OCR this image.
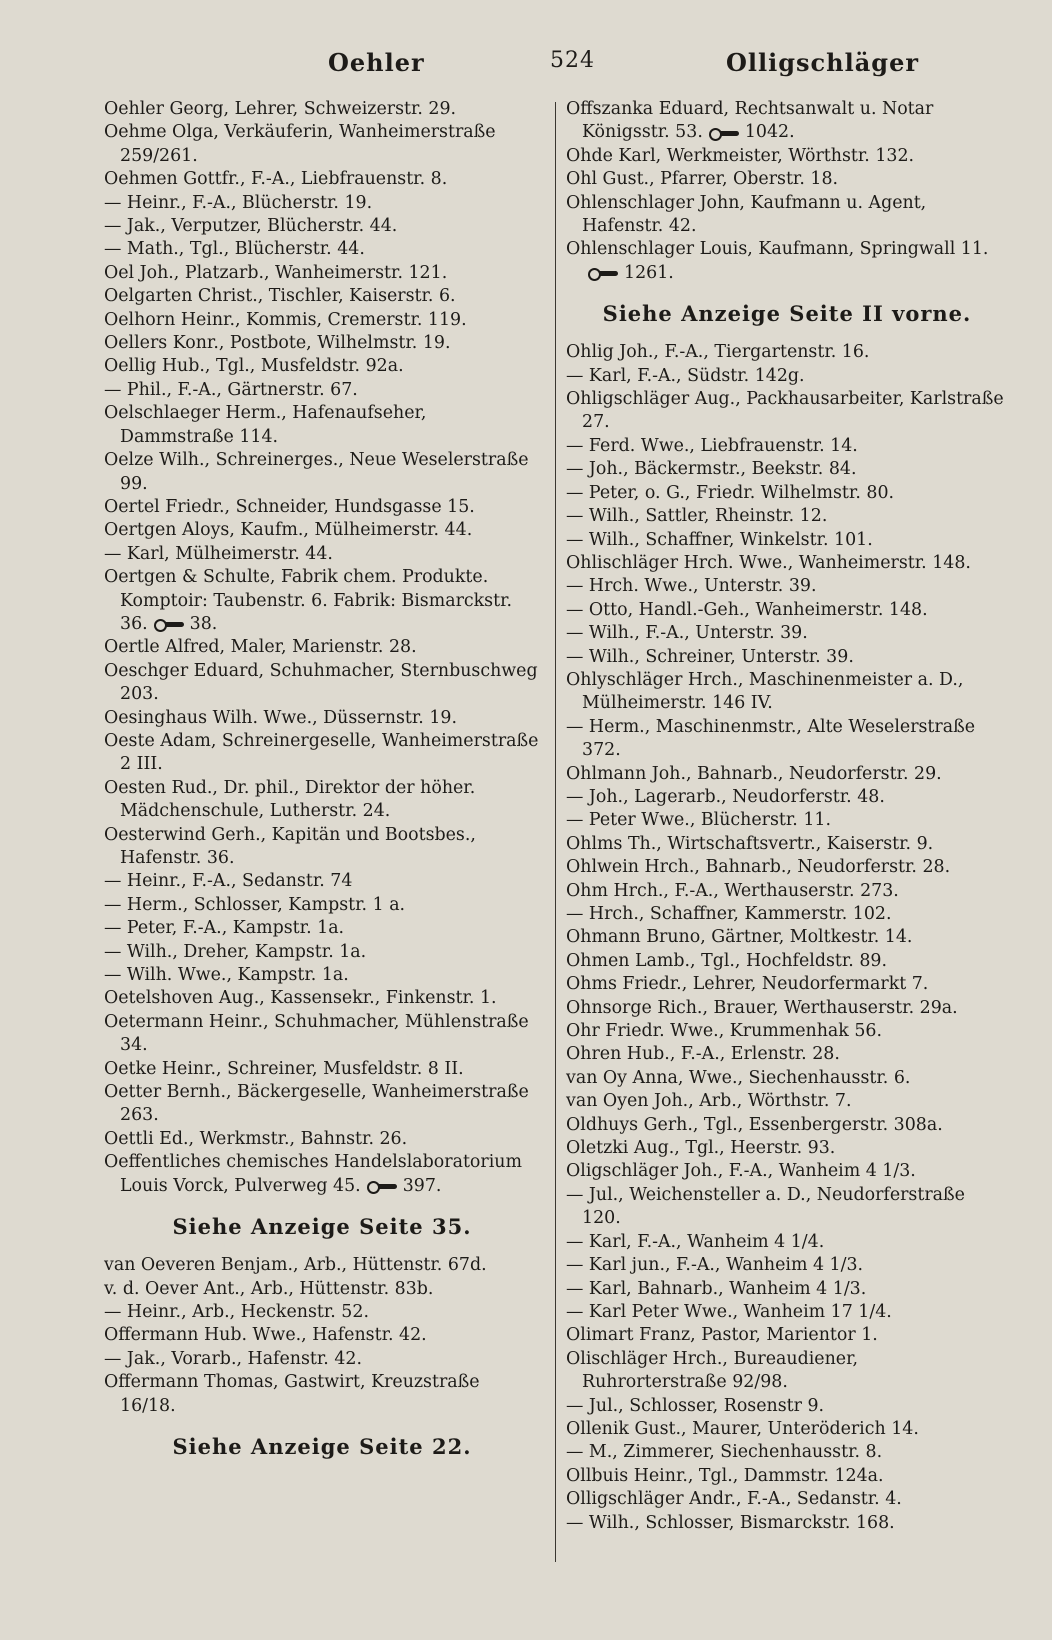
Oehler	524	Olligschläger
Oehler Georg, Lehrer, Schweizerstr. 29.
Oehme Olga, Verkäuferin, Wanheimerstraße 259/261.
Oehmen Gottfr., F.-A., Liebfrauenstr. 8.
— Heinr., F.-A., Blücherstr. 19.
— Jak., Verputzer, Blücherstr. 44.
— Math., Tgl., Blücherstr. 44.
Oel Joh., Platzarb., Wanheimerstr. 121.
Oelgarten Christ., Tischler, Kaiserstr. 6.
Oelhorn Heinr., Kommis, Cremerstr. 119.
Oellers Konr., Postbote, Wilhelmstr. 19.
Oellig Hub., Tgl., Musfeldstr. 92a.
— Phil., F.-A., Gärtnerstr. 67.
Oelschlaeger Herm., Hafenaufseher, Dammstraße 114.
Oelze Wilh., Schreinerges., Neue Weselerstraße 99.
Oertel Friedr., Schneider, Hundsgasse 15.
Oertgen Aloys, Kaufm., Mülheimerstr. 44.
— Karl, Mülheimerstr. 44.
Oertgen & Schulte, Fabrik chem. Produkte. Komptoir: Taubenstr. 6. Fabrik: Bismarckstr. 36. 38.
Oertle Alfred, Maler, Marienstr. 28.
Oeschger Eduard, Schuhmacher, Sternbuschweg 203.
Oesinghaus Wilh. Wwe., Düssernstr. 19.
Oeste Adam, Schreinergeselle, Wanheimerstraße 2 III.
Oesten Rud., Dr. phil., Direktor der höher. Mädchenschule, Lutherstr. 24.
Oesterwind Gerh., Kapitän und Bootsbes., Hafenstr. 36.
— Heinr., F.-A., Sedanstr. 74
— Herm., Schlosser, Kampstr. 1 a.
— Peter, F.-A., Kampstr. 1a.
— Wilh., Dreher, Kampstr. 1a.
— Wilh. Wwe., Kampstr. 1a.
Oetelshoven Aug., Kassensekr., Finkenstr. 1.
Oetermann Heinr., Schuhmacher, Mühlenstraße 34.
Oetke Heinr., Schreiner, Musfeldstr. 8 II.
Oetter Bernh., Bäckergeselle, Wanheimerstraße 263.
Oettli Ed., Werkmstr., Bahnstr. 26.
Oeffentliches chemisches Handelslaboratorium Louis Vorck, Pulverweg 45. 397.
Siehe Anzeige Seite 35.
van Oeveren Benjam., Arb., Hüttenstr. 67d.
v. d. Oever Ant., Arb., Hüttenstr. 83b.
— Heinr., Arb., Heckenstr. 52.
Offermann Hub. Wwe., Hafenstr. 42.
— Jak., Vorarb., Hafenstr. 42.
Offermann Thomas, Gastwirt, Kreuzstraße 16/18.
Siehe Anzeige Seite 22.
Offszanka Eduard, Rechtsanwalt u. Notar Königsstr. 53. 1042.
Ohde Karl, Werkmeister, Wörthstr. 132.
Ohl Gust., Pfarrer, Oberstr. 18.
Ohlenschlager John, Kaufmann u. Agent, Hafenstr. 42.
Ohlenschlager Louis, Kaufmann, Springwall 11.1261.
Siehe Anzeige Seite II vorne.
Ohlig Joh., F.-A., Tiergartenstr. 16.
— Karl, F.-A., Südstr. 142g.
Ohligschläger Aug., Packhausarbeiter, Karlstraße 27.
— Ferd. Wwe., Liebfrauenstr. 14.
— Joh., Bäckermstr., Beekstr. 84.
— Peter, o. G., Friedr. Wilhelmstr. 80.
— Wilh., Sattler, Rheinstr. 12.
— Wilh., Schaffner, Winkelstr. 101.
Ohlischläger Hrch. Wwe., Wanheimerstr. 148.
— Hrch. Wwe., Unterstr. 39.
— Otto, Handl.-Geh., Wanheimerstr. 148.
— Wilh., F.-A., Unterstr. 39.
— Wilh., Schreiner, Unterstr. 39.
Ohlyschläger Hrch., Maschinenmeister a. D., Mülheimerstr. 146 IV.
— Herm., Maschinenmstr., Alte Weselerstraße 372.
Ohlmann Joh., Bahnarb., Neudorferstr. 29.
— Joh., Lagerarb., Neudorferstr. 48.
— Peter Wwe., Blücherstr. 11.
Ohlms Th., Wirtschaftsvertr., Kaiserstr. 9.
Ohlwein Hrch., Bahnarb., Neudorferstr. 28.
Ohm Hrch., F.-A., Werthauserstr. 273.
— Hrch., Schaffner, Kammerstr. 102.
Ohmann Bruno, Gärtner, Moltkestr. 14.
Ohmen Lamb., Tgl., Hochfeldstr. 89.
Ohms Friedr., Lehrer, Neudorfermarkt 7.
Ohnsorge Rich., Brauer, Werthauserstr. 29a.
Ohr Friedr. Wwe., Krummenhak 56.
Ohren Hub., F.-A., Erlenstr. 28.
van Oy Anna, Wwe., Siechenhausstr. 6.
van Oyen Joh., Arb., Wörthstr. 7.
Oldhuys Gerh., Tgl., Essenbergerstr. 308a.
Oletzki Aug., Tgl., Heerstr. 93.
Oligschläger Joh., F.-A., Wanheim 4 1/3.
— Jul., Weichensteller a. D., Neudorferstraße 120.
— Karl, F.-A., Wanheim 4 1/4.
— Karl jun., F.-A., Wanheim 4 1/3.
— Karl, Bahnarb., Wanheim 4 1/3.
— Karl Peter Wwe., Wanheim 17 1/4.
Olimart Franz, Pastor, Marientor 1.
Olischläger Hrch., Bureaudiener, Ruhrorterstraße 92/98.
— Jul., Schlosser, Rosenstr 9.
Ollenik Gust., Maurer, Unteröderich 14.
— M., Zimmerer, Siechenhausstr. 8.
Ollbuis Heinr., Tgl., Dammstr. 124a.
Olligschläger Andr., F.-A., Sedanstr. 4.
— Wilh., Schlosser, Bismarckstr. 168.
